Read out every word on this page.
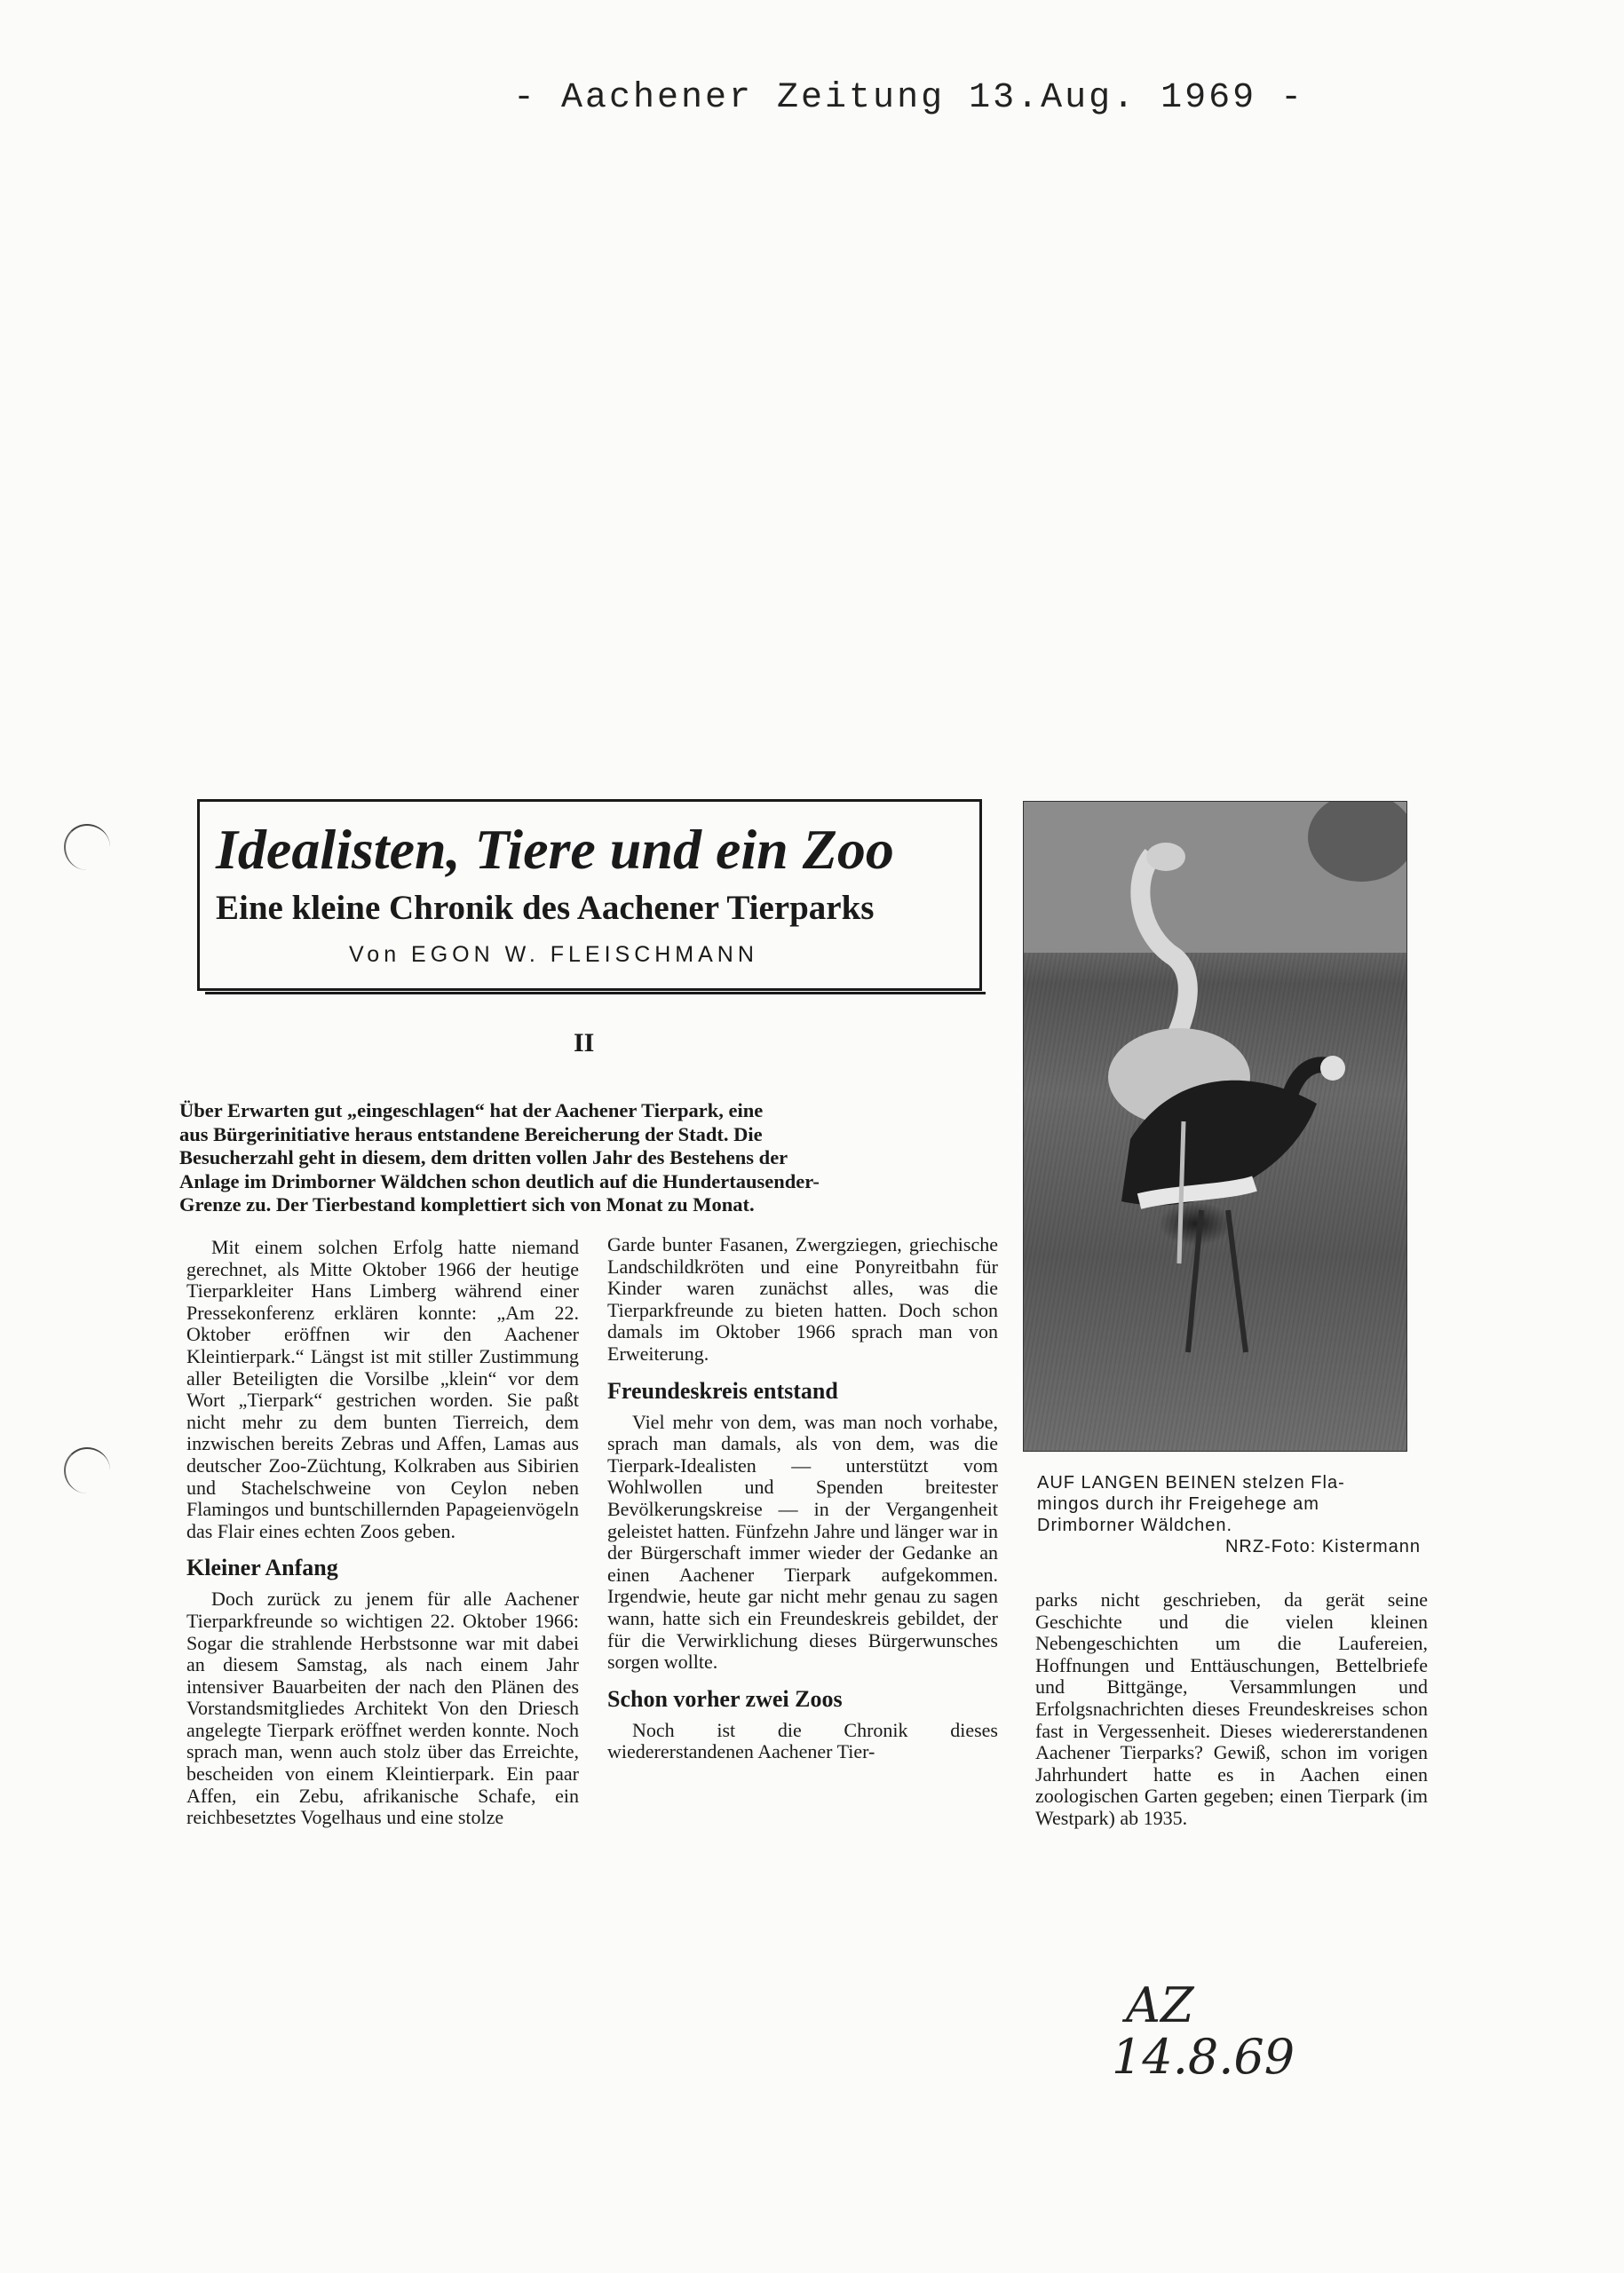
- Aachener Zeitung 13.Aug. 1969 -
Idealisten, Tiere und ein Zoo
Eine kleine Chronik des Aachener Tierparks
Von EGON W. FLEISCHMANN
II
Über Erwarten gut „eingeschlagen“ hat der Aachener Tierpark, eine
aus Bürgerinitiative heraus entstandene Bereicherung der Stadt. Die
Besucherzahl geht in diesem, dem dritten vollen Jahr des Bestehens der
Anlage im Drimborner Wäldchen schon deutlich auf die Hundertausender-
Grenze zu. Der Tierbestand komplettiert sich von Monat zu Monat.

Mit einem solchen Erfolg hatte niemand gerechnet, als Mitte Oktober 1966 der heutige Tierparkleiter Hans Limberg während einer Pressekonferenz erklären konnte: „Am 22. Oktober eröffnen wir den Aachener Kleintierpark.“ Längst ist mit stiller Zustimmung aller Beteiligten die Vorsilbe „klein“ vor dem Wort „Tierpark“ gestrichen worden. Sie paßt nicht mehr zu dem bunten Tierreich, dem inzwischen bereits Zebras und Affen, Lamas aus deutscher Zoo-Züchtung, Kolkraben aus Sibirien und Stachelschweine von Ceylon neben Flamingos und buntschillernden Papageienvögeln das Flair eines echten Zoos geben.

Kleiner Anfang

Doch zurück zu jenem für alle Aachener Tierparkfreunde so wichtigen 22. Oktober 1966: Sogar die strahlende Herbstsonne war mit dabei an diesem Samstag, als nach einem Jahr intensiver Bauarbeiten der nach den Plänen des Vorstandsmitgliedes Architekt Von den Driesch angelegte Tierpark eröffnet werden konnte. Noch sprach man, wenn auch stolz über das Erreichte, bescheiden von einem Kleintierpark. Ein paar Affen, ein Zebu, afrikanische Schafe, ein reichbesetztes Vogelhaus und eine stolze

Garde bunter Fasanen, Zwergziegen, griechische Landschildkröten und eine Ponyreitbahn für Kinder waren zunächst alles, was die Tierparkfreunde zu bieten hatten. Doch schon damals im Oktober 1966 sprach man von Erweiterung.

Freundeskreis entstand

Viel mehr von dem, was man noch vorhabe, sprach man damals, als von dem, was die Tierpark-Idealisten — unterstützt vom Wohlwollen und Spenden breitester Bevölkerungskreise — in der Vergangenheit geleistet hatten. Fünfzehn Jahre und länger war in der Bürgerschaft immer wieder der Gedanke an einen Aachener Tierpark aufgekommen. Irgendwie, heute gar nicht mehr genau zu sagen wann, hatte sich ein Freundeskreis gebildet, der für die Verwirklichung dieses Bürgerwunsches sorgen wollte.

Schon vorher zwei Zoos

Noch ist die Chronik dieses wiedererstandenen Aachener Tier-

AUF LANGEN BEINEN stelzen Fla-
mingos durch ihr Freigehege am
Drimborner Wäldchen.
NRZ-Foto: Kistermann

parks nicht geschrieben, da gerät seine Geschichte und die vielen kleinen Nebengeschichten um die Laufereien, Hoffnungen und Enttäuschungen, Bettelbriefe und Bittgänge, Versammlungen und Erfolgsnachrichten dieses Freundeskreises schon fast in Vergessenheit. Dieses wiedererstandenen Aachener Tierparks? Gewiß, schon im vorigen Jahrhundert hatte es in Aachen einen zoologischen Garten gegeben; einen Tierpark (im Westpark) ab 1935.

AZ
14.8.69
